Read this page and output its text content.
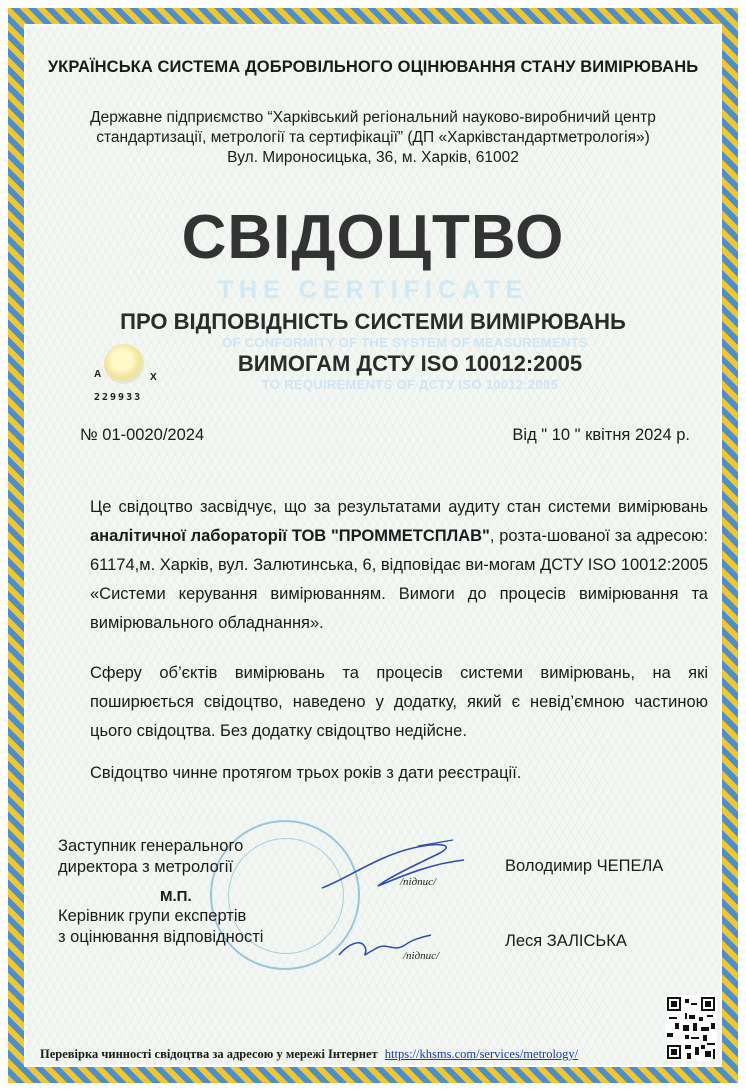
УКРАЇНСЬКА СИСТЕМА ДОБРОВІЛЬНОГО ОЦІНЮВАННЯ СТАНУ ВИМІРЮВАНЬ
Державне підприємство “Харківський регіональний науково-виробничий центр
стандартизації, метрології та сертифікації” (ДП «Харківстандартметрологія»)
Вул. Мироносицька, 36, м. Харків, 61002
СВІДОЦТВО
THE CERTIFICATE
ПРО ВІДПОВІДНІСТЬ СИСТЕМИ ВИМІРЮВАНЬ
OF CONFORMITY OF THE SYSTEM OF MEASUREMENTS
ВИМОГАМ ДСТУ ISO 10012:2005
TO REQUIREMENTS OF ДСТУ ISO 10012:2005
А	Х
229933
№ 01-0020/2024	Від " 10 " квітня 2024 р.
Це свідоцтво засвідчує, що за результатами аудиту стан системи вимірювань аналітичної лабораторії ТОВ "ПРОММЕТСПЛАВ", розта-шованої за адресою: 61174,м. Харків, вул. Залютинська, 6, відповідає ви-могам ДСТУ ISO 10012:2005 «Системи керування вимірюванням. Вимоги до процесів вимірювання та вимірювального обладнання».
Сферу об’єктів вимірювань та процесів системи вимірювань, на які поширюється свідоцтво, наведено у додатку, який є невід’ємною частиною цього свідоцтва. Без додатку свідоцтво недійсне.
Свідоцтво чинне протягом трьох років з дати реєстрації.
/підпис/
/підпис/
Заступник генерального
директора з метрології
М.П.
Керівник групи експертів
з оцінювання відповідності
Володимир ЧЕПЕЛА
Леся ЗАЛІСЬКА
Перевірка чинності свідоцтва за адресою у мережі Інтернет https://khsms.com/services/metrology/
